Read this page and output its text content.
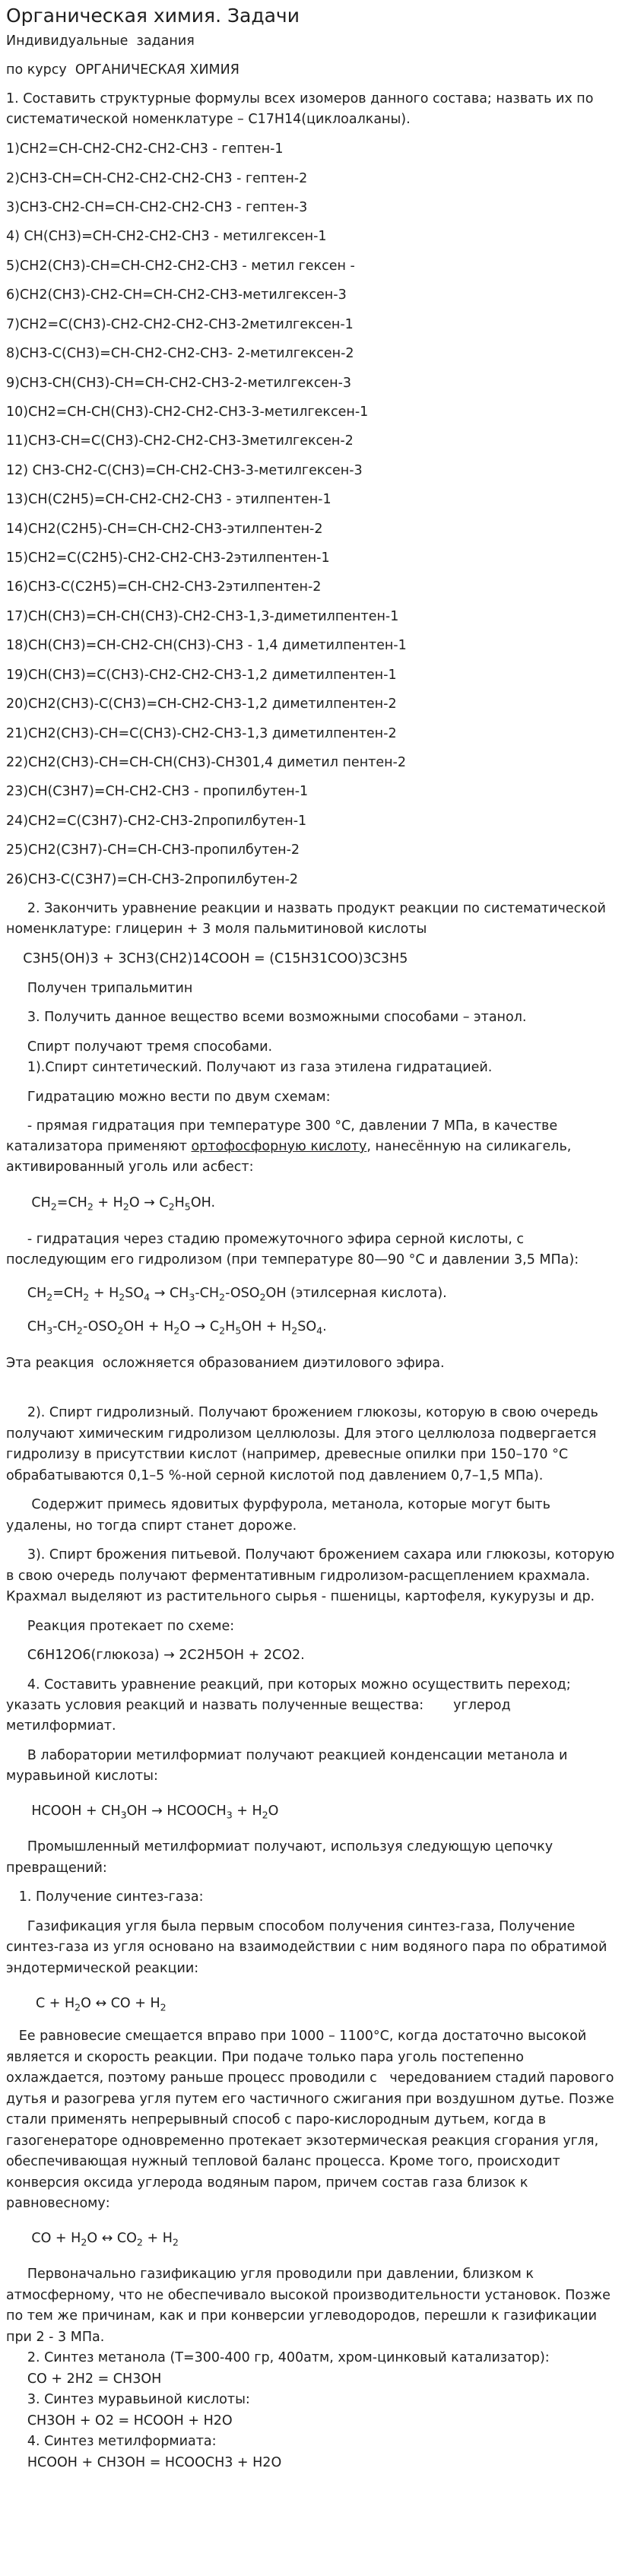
Органическая химия. Задачи
Индивидуальные  задания
по курсу  ОРГАНИЧЕСКАЯ ХИМИЯ
1. Составить структурные формулы всех изомеров данного состава; назвать их по
систематической номенклатуре – С17Н14(циклоалканы).
1)CH2=CH-CH2-CH2-CH2-CH3 - гептен-1
2)CH3-CH=CH-CH2-CH2-CH2-CH3 - гептен-2
3)CH3-CH2-CH=CH-CH2-CH2-CH3 - гептен-3
4) CH(CH3)=CH-CH2-CH2-CH3 - метилгексен-1
5)CH2(CH3)-CH=CH-CH2-CH2-CH3 - метил гексен -
6)CH2(CH3)-CH2-CH=CH-CH2-CH3-метилгексен-3
7)CH2=C(CH3)-CH2-CH2-CH2-CH3-2метилгексен-1
8)CH3-C(CH3)=CH-CH2-CH2-CH3- 2-метилгексен-2
9)CH3-CH(CH3)-CH=CH-CH2-CH3-2-метилгексен-3
10)CH2=CH-CH(CH3)-CH2-CH2-CH3-3-метилгексен-1
11)CH3-CH=C(CH3)-CH2-CH2-CH3-3метилгексен-2
12) CH3-CH2-C(CH3)=CH-CH2-CH3-3-метилгексен-3
13)CH(C2H5)=CH-CH2-CH2-CH3 - этилпентен-1
14)CH2(C2H5)-CH=CH-CH2-CH3-этилпентен-2
15)CH2=C(C2H5)-CH2-CH2-CH3-2этилпентен-1
16)CH3-C(C2H5)=CH-CH2-CH3-2этилпентен-2
17)CH(CH3)=CH-CH(CH3)-CH2-CH3-1,3-диметилпентен-1
18)CH(CH3)=CH-CH2-CH(CH3)-CH3 - 1,4 диметилпентен-1
19)CH(CH3)=C(CH3)-CH2-CH2-CH3-1,2 диметилпентен-1
20)CH2(CH3)-C(CH3)=CH-CH2-CH3-1,2 диметилпентен-2
21)CH2(CH3)-CH=C(CH3)-CH2-CH3-1,3 диметилпентен-2
22)CH2(CH3)-CH=CH-CH(CH3)-CH301,4 диметил пентен-2
23)CH(C3H7)=CH-CH2-CH3 - пропилбутен-1
24)CH2=C(C3H7)-CH2-CH3-2пропилбутен-1
25)CH2(C3H7)-CH=CH-CH3-пропилбутен-2
26)CH3-C(C3H7)=CH-CH3-2пропилбутен-2
2. Закончить уравнение реакции и назвать продукт реакции по систематической
номенклатуре: глицерин + 3 моля пальмитиновой кислоты
C3H5(OH)3 + 3CH3(CH2)14COOH = (C15H31COO)3C3H5
Получен трипальмитин
3. Получить данное вещество всеми возможными способами – этанол.
Спирт получают тремя способами.
1).Спирт синтетический. Получают из газа этилена гидратацией.
Гидратацию можно вести по двум схемам:
- прямая гидратация при температуре 300 °C, давлении 7 МПа, в качестве
катализатора применяют ортофосфорную кислоту, нанесённую на силикагель,
активированный уголь или асбест:
$CH_2=CH_2 + H_2O \to C_2H_5OH$.
- гидратация через стадию промежуточного эфира серной кислоты, с
последующим его гидролизом (при температуре 80—90 °С и давлении 3,5 МПа):
$CH_2=CH_2 + H_2SO_4 \to CH_3-CH_2-OSO_2OH$ (этилсерная кислота).
$CH_3-CH_2-OSO_2OH + H_2O \to C_2H_5OH + H_2SO_4$.
Эта реакция  осложняется образованием диэтилового эфира.
2). Спирт гидролизный. Получают брожением глюкозы, которую в свою очередь
получают химическим гидролизом целлюлозы. Для этого целлюлоза подвергается
гидролизу в присутствии кислот (например, древесные опилки при 150–170 °С
обрабатываются 0,1–5 %-ной серной кислотой под давлением 0,7–1,5 МПа).
Содержит примесь ядовитых фурфурола, метанола, которые могут быть
удалены, но тогда спирт станет дороже.
3). Спирт брожения питьевой. Получают брожением сахара или глюкозы, которую
в свою очередь получают ферментативным гидролизом-расщеплением крахмала.
Крахмал выделяют из растительного сырья - пшеницы, картофеля, кукурузы и др.
Реакция протекает по схеме:
C6H12O6(глюкоза) → 2C2H5OH + 2CO2.
4. Составить уравнение реакций, при которых можно осуществить переход;
указать условия реакций и назвать полученные вещества:       углерод
метилформиат.
В лаборатории метилформиат получают реакцией конденсации метанола и
муравьиной кислоты:
HCOOH + $CH_3OH$ → $HCOOCH_3 + H_2O$
Промышленный метилформиат получают, используя следующую цепочку
превращений:
1. Получение синтез-газа:
Газификация угля была первым способом получения синтез-газа, Получение
синтез-газа из угля основано на взаимодействии с ним водяного пара по обратимой
эндотермической реакции:
$C + H_2O$ ↔ CO + $H_2$
Ее равновесие смещается вправо при 1000 – 1100°С, когда достаточно высокой
является и скорость реакции. При подаче только пара уголь постепенно
охлаждается, поэтому раньше процесс проводили с   чередованием стадий парового
дутья и разогрева угля путем его частичного сжигания при воздушном дутье. Позже
стали применять непрерывный способ с паро-кислородным дутьем, когда в
газогенераторе одновременно протекает экзотермическая реакция сгорания угля,
обеспечивающая нужный тепловой баланс процесса. Кроме того, происходит
конверсия оксида углерода водяным паром, причем состав газа близок к
равновесному:
CO + $H_2O$ ↔ $CO_2 + H_2$
Первоначально газификацию угля проводили при давлении, близком к
атмосферному, что не обеспечивало высокой производительности установок. Позже
по тем же причинам, как и при конверсии углеводородов, перешли к газификации
при 2 - 3 МПа.
2. Синтез метанола (T=300-400 гр, 400атм, хром-цинковый катализатор):
CO + 2H2 = CH3OH
3. Синтез муравьиной кислоты:
CH3OH + O2 = HCOOH + H2O
4. Синтез метилформиата:
HCOOH + CH3OH = HCOOCH3 + H2O
